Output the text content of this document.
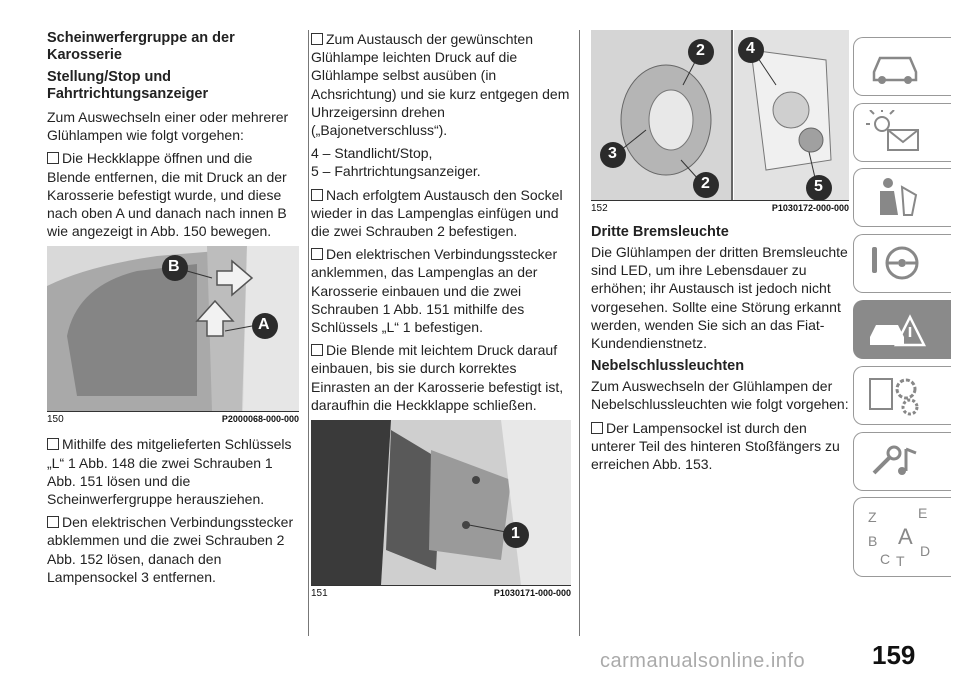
Scheinwerfergruppe an der Karosserie
Stellung/Stop und Fahrtrichtungsanzeiger

Zum Auswechseln einer oder mehrerer Glühlampen wie folgt vorgehen:

Die Heckklappe öffnen und die Blende entfernen, die mit Druck an der Karosserie befestigt wurde, und diese nach oben A und danach nach innen B wie angezeigt in Abb. 150 bewegen.

B
A
150	P2000068-000-000

Mithilfe des mitgelieferten Schlüssels „L“ 1 Abb. 148 die zwei Schrauben 1 Abb. 151 lösen und die Scheinwerfergruppe herausziehen.

Den elektrischen Verbindungsstecker abklemmen und die zwei Schrauben 2 Abb. 152 lösen, danach den Lampensockel 3 entfernen.

Zum Austausch der gewünschten Glühlampe leichten Druck auf die Glühlampe selbst ausüben (in Achsrichtung) und sie kurz entgegen dem Uhrzeigersinn drehen („Bajonetverschluss“).

4 – Standlicht/Stop,

5 – Fahrtrichtungsanzeiger.

Nach erfolgtem Austausch den Sockel wieder in das Lampenglas einfügen und die zwei Schrauben 2 befestigen.

Den elektrischen Verbindungsstecker anklemmen, das Lampenglas an der Karosserie einbauen und die zwei Schrauben 1 Abb. 151 mithilfe des Schlüssels „L“ 1 befestigen.

Die Blende mit leichtem Druck darauf einbauen, bis sie durch korrektes Einrasten an der Karosserie befestigt ist, daraufhin die Heckklappe schließen.

1
151	P1030171-000-000
2
3
2
4
5
152	P1030172-000-000
Dritte Bremsleuchte

Die Glühlampen der dritten Bremsleuchte sind LED, um ihre Lebensdauer zu erhöhen; ihr Austausch ist jedoch nicht vorgesehen. Sollte eine Störung erkannt werden, wenden Sie sich an das Fiat-Kundendienstnetz.

Nebelschlussleuchten

Zum Auswechseln der Glühlampen der Nebelschlussleuchten wie folgt vorgehen:

Der Lampensockel ist durch den unterer Teil des hinteren Stoßfängers zu erreichen Abb. 153.

Z	E
B A
C T
D
159
carmanualsonline.info
